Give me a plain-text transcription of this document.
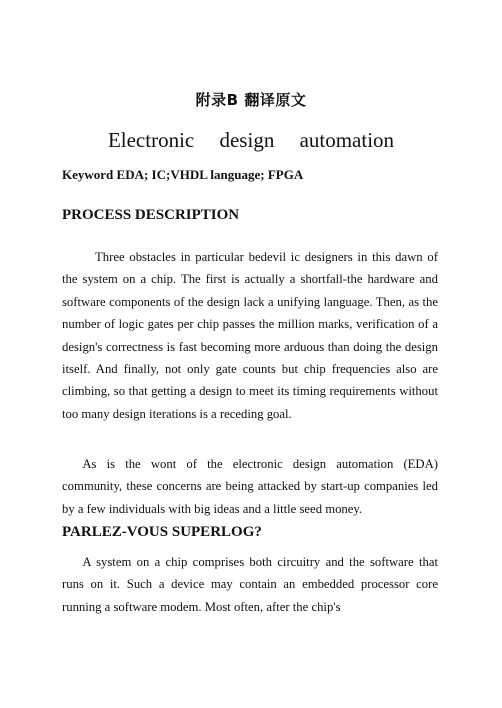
附录B 翻译原文
Electronic design automation

Keyword EDA; IC;VHDL language; FPGA

PROCESS DESCRIPTION

Three obstacles in particular bedevil ic designers in this dawn of the system on a chip. The first is actually a shortfall-the hardware and software components of the design lack a unifying language. Then, as the number of logic gates per chip passes the million marks, verification of a design's correctness is fast becoming more arduous than doing the design itself. And finally, not only gate counts but chip frequencies also are climbing, so that getting a design to meet its timing requirements without too many design iterations is a receding goal.

As is the wont of the electronic design automation (EDA) community, these concerns are being attacked by start-up companies led by a few individuals with big ideas and a little seed money.

PARLEZ-VOUS SUPERLOG?

A system on a chip comprises both circuitry and the software that runs on it. Such a device may contain an embedded processor core running a software modem. Most often, after the chip's
